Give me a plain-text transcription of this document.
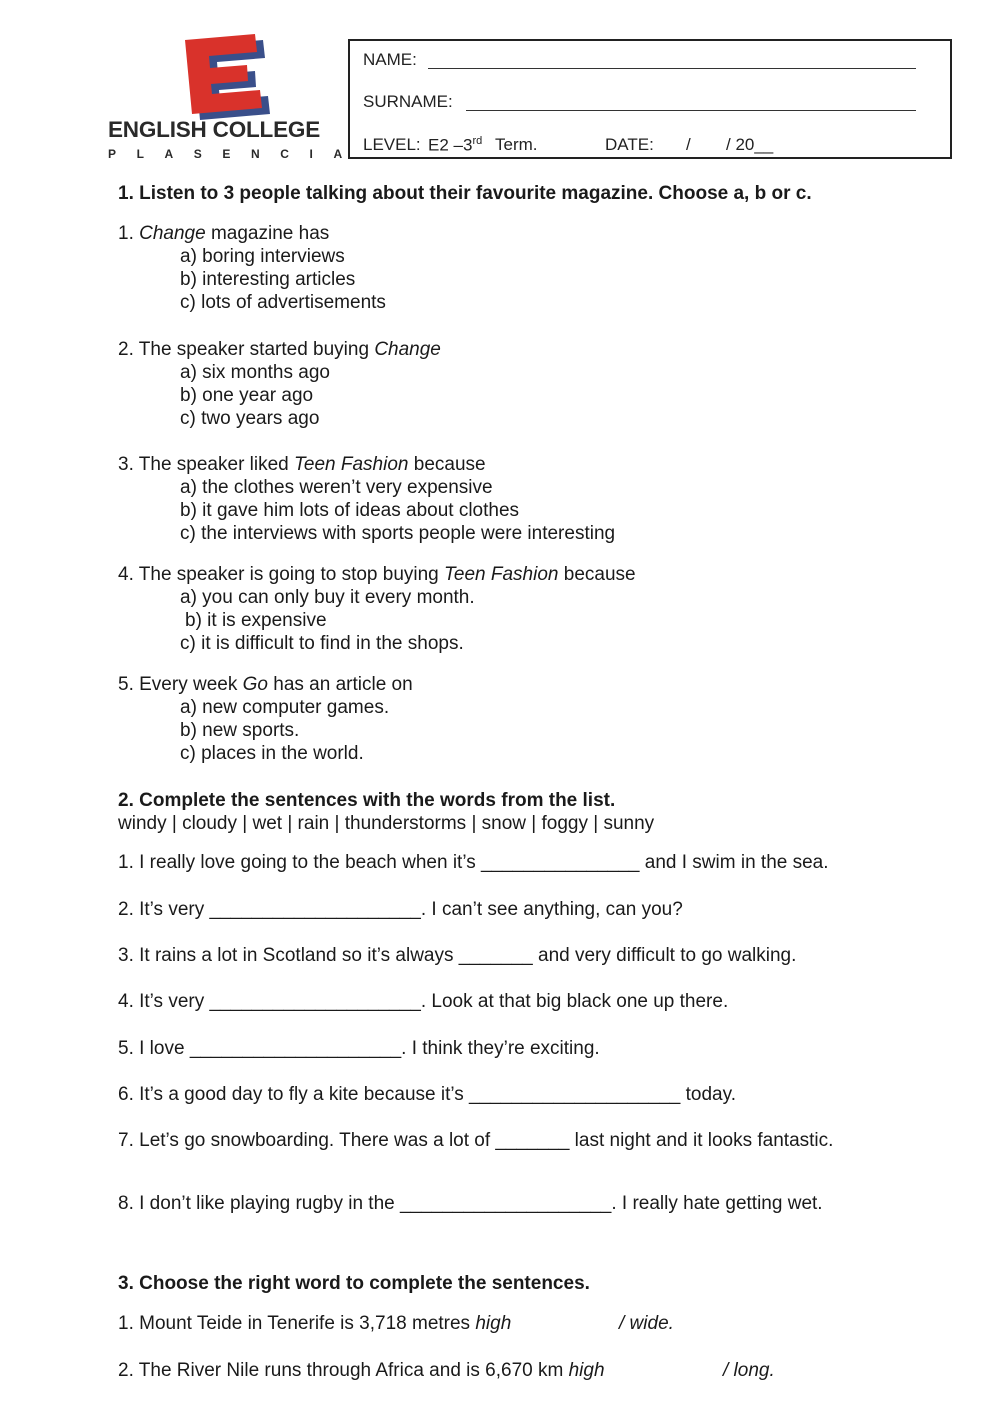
ENGLISH COLLEGE
PLASENCIA
NAME:
SURNAME:
LEVEL: E2 –3rd Term.	DATE: / / 20__
1. Listen to 3 people talking about their favourite magazine. Choose a, b or c.
1. Change magazine has
a) boring interviews
b) interesting articles
c) lots of advertisements
2. The speaker started buying Change
a) six months ago
b) one year ago
c) two years ago
3. The speaker liked Teen Fashion because
a) the clothes weren’t very expensive
b) it gave him lots of ideas about clothes
c) the interviews with sports people were interesting
4. The speaker is going to stop buying Teen Fashion because
a) you can only buy it every month.
b) it is expensive
c) it is difficult to find in the shops.
5. Every week Go has an article on
a) new computer games.
b) new sports.
c) places in the world.
2. Complete the sentences with the words from the list.
windy | cloudy | wet | rain | thunderstorms | snow | foggy | sunny
1. I really love going to the beach when it’s _______________ and I swim in the sea.
2. It’s very ____________________. I can’t see anything, can you?
3. It rains a lot in Scotland so it’s always _______ and very difficult to go walking.
4. It’s very ____________________. Look at that big black one up there.
5. I love ____________________. I think they’re exciting.
6. It’s a good day to fly a kite because it’s ____________________ today.
7. Let’s go snowboarding. There was a lot of _______ last night and it looks fantastic.
8. I don’t like playing rugby in the ____________________. I really hate getting wet.
3. Choose the right word to complete the sentences.
1. Mount Teide in Tenerife is 3,718 metres high	/ wide.
2. The River Nile runs through Africa and is 6,670 km high	/ long.
